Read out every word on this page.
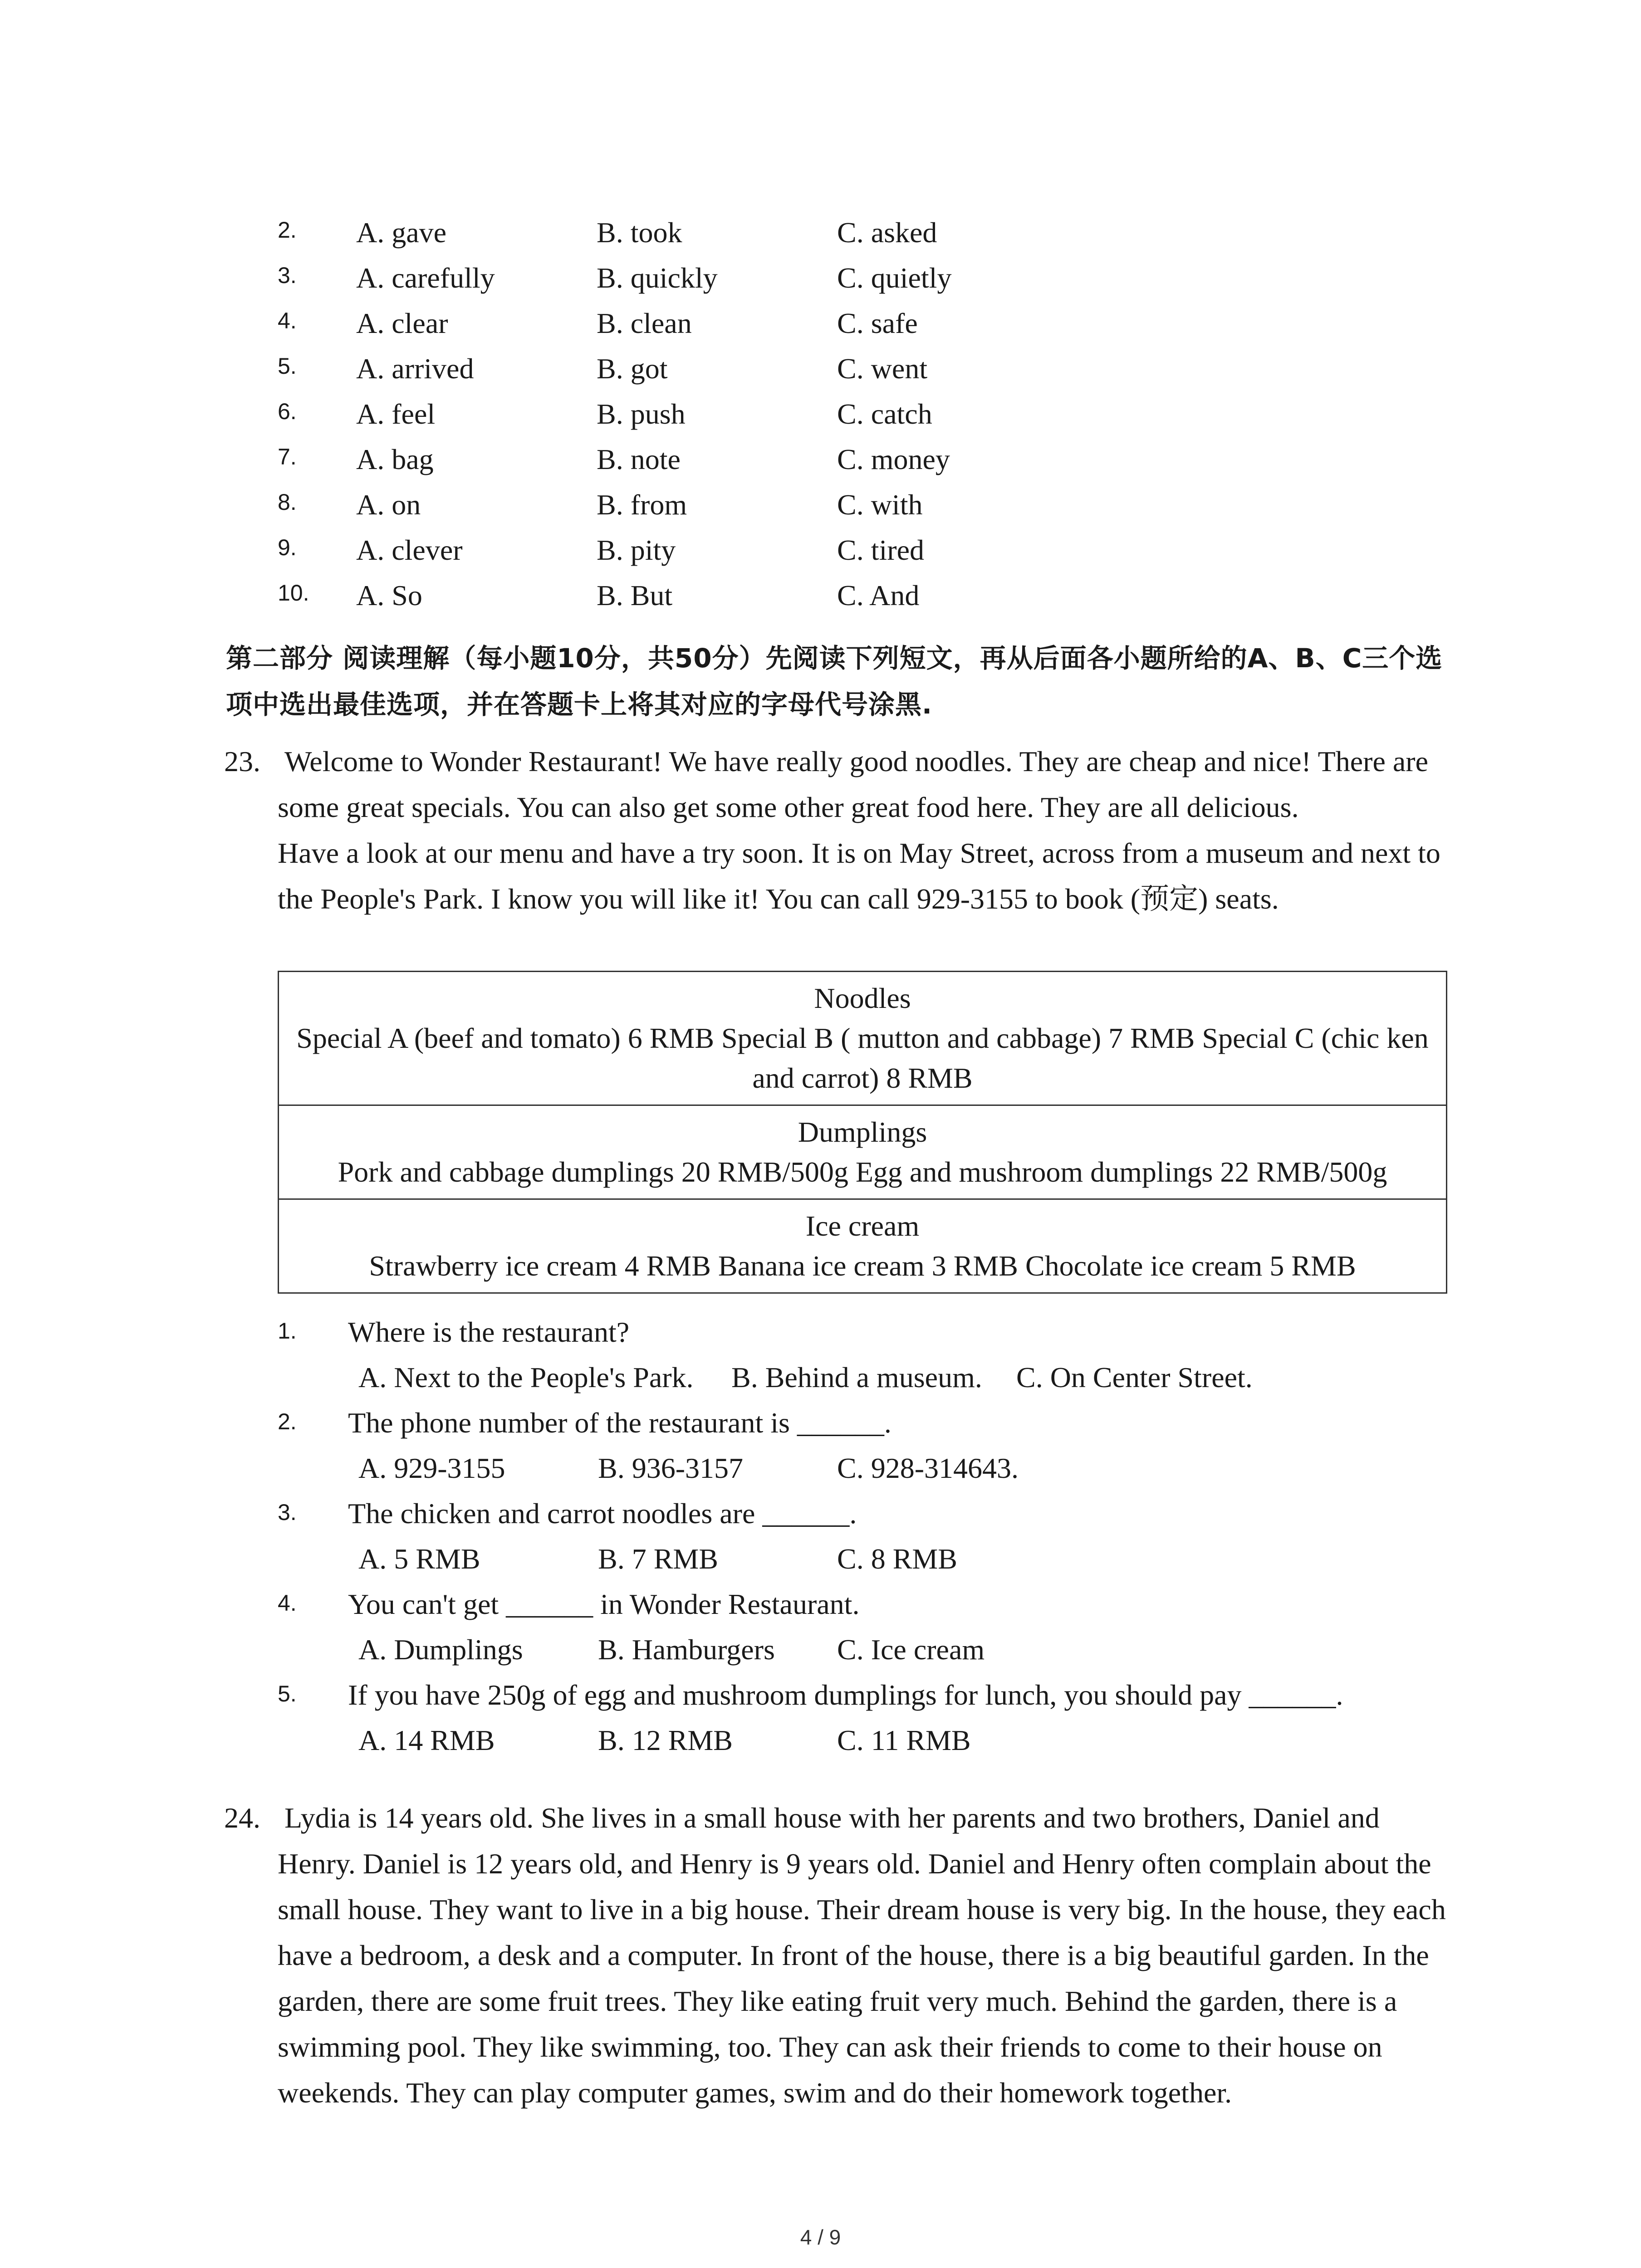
2. A. gave	B. took	C. asked
3. A. carefully	B. quickly	C. quietly
4. A. clear	B. clean	C. safe
5. A. arrived	B. got	C. went
6. A. feel	B. push	C. catch
7. A. bag	B. note	C. money
8. A. on	B. from	C. with
9. A. clever	B. pity	C. tired
10. A. So	B. But	C. And
第二部分 阅读理解（每小题10分，共50分）先阅读下列短文，再从后面各小题所给的A、B、C三个选项中选出最佳选项，并在答题卡上将其对应的字母代号涂黑.
23. Welcome to Wonder Restaurant! We have really good noodles. They are cheap and nice! There are some great specials. You can also get some other great food here. They are all delicious.

Have a look at our menu and have a try soon. It is on May Street, across from a museum and next to the People's Park. I know you will like it! You can call 929-3155 to book (预定) seats.

Noodles
Special A (beef and tomato) 6 RMB Special B ( mutton and cabbage) 7 RMB Special C (chic ken and carrot) 8 RMB

Dumplings
Pork and cabbage dumplings 20 RMB/500g Egg and mushroom dumplings 22 RMB/500g

Ice cream
Strawberry ice cream 4 RMB Banana ice cream 3 RMB Chocolate ice cream 5 RMB
1. Where is the restaurant?
A. Next to the People's Park. B. Behind a museum. C. On Center Street.
2. The phone number of the restaurant is ______.
A. 929-3155	B. 936-3157	C. 928-314643.
3. The chicken and carrot noodles are ______.
A. 5 RMB	B. 7 RMB	C. 8 RMB
4. You can't get ______ in Wonder Restaurant.
A. Dumplings	B. Hamburgers C. Ice cream
5. If you have 250g of egg and mushroom dumplings for lunch, you should pay ______.
A. 14 RMB	B. 12 RMB	C. 11 RMB
24. Lydia is 14 years old. She lives in a small house with her parents and two brothers, Daniel and Henry. Daniel is 12 years old, and Henry is 9 years old. Daniel and Henry often complain about the small house. They want to live in a big house. Their dream house is very big. In the house, they each have a bedroom, a desk and a computer. In front of the house, there is a big beautiful garden. In the garden, there are some fruit trees. They like eating fruit very much. Behind the garden, there is a swimming pool. They like swimming, too. They can ask their friends to come to their house on weekends. They can play computer games, swim and do their homework together.

4 / 9
